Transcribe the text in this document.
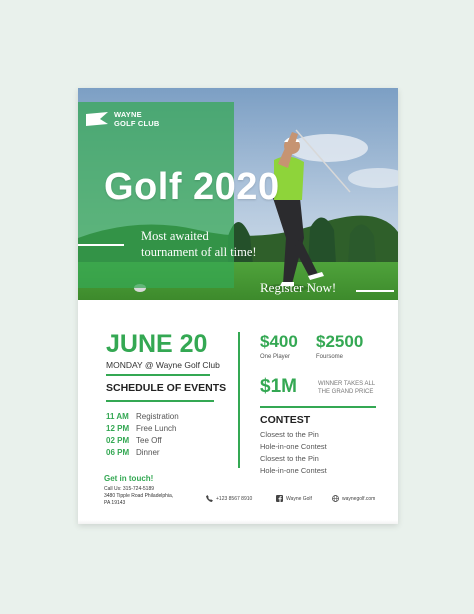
WAYNE
GOLF CLUB
Golf 2020
Most awaited
tournament of all time!
Register Now!
JUNE 20
MONDAY @ Wayne Golf Club
SCHEDULE OF EVENTS
11 AM Registration
12 PM Free Lunch
02 PM Tee Off
06 PM Dinner
$400
One Player
$2500
Foursome
$1M	WINNER TAKES ALL
THE GRAND PRICE
CONTEST
Closest to the Pin
Hole-in-one Contest
Closest to the Pin
Hole-in-one Contest
Get in touch!
Call Us: 315-724-5189
3480 Tipple Road Philadelphia,
PA 19143
+123 8567 8910	Wayne Golf	waynegolf.com
